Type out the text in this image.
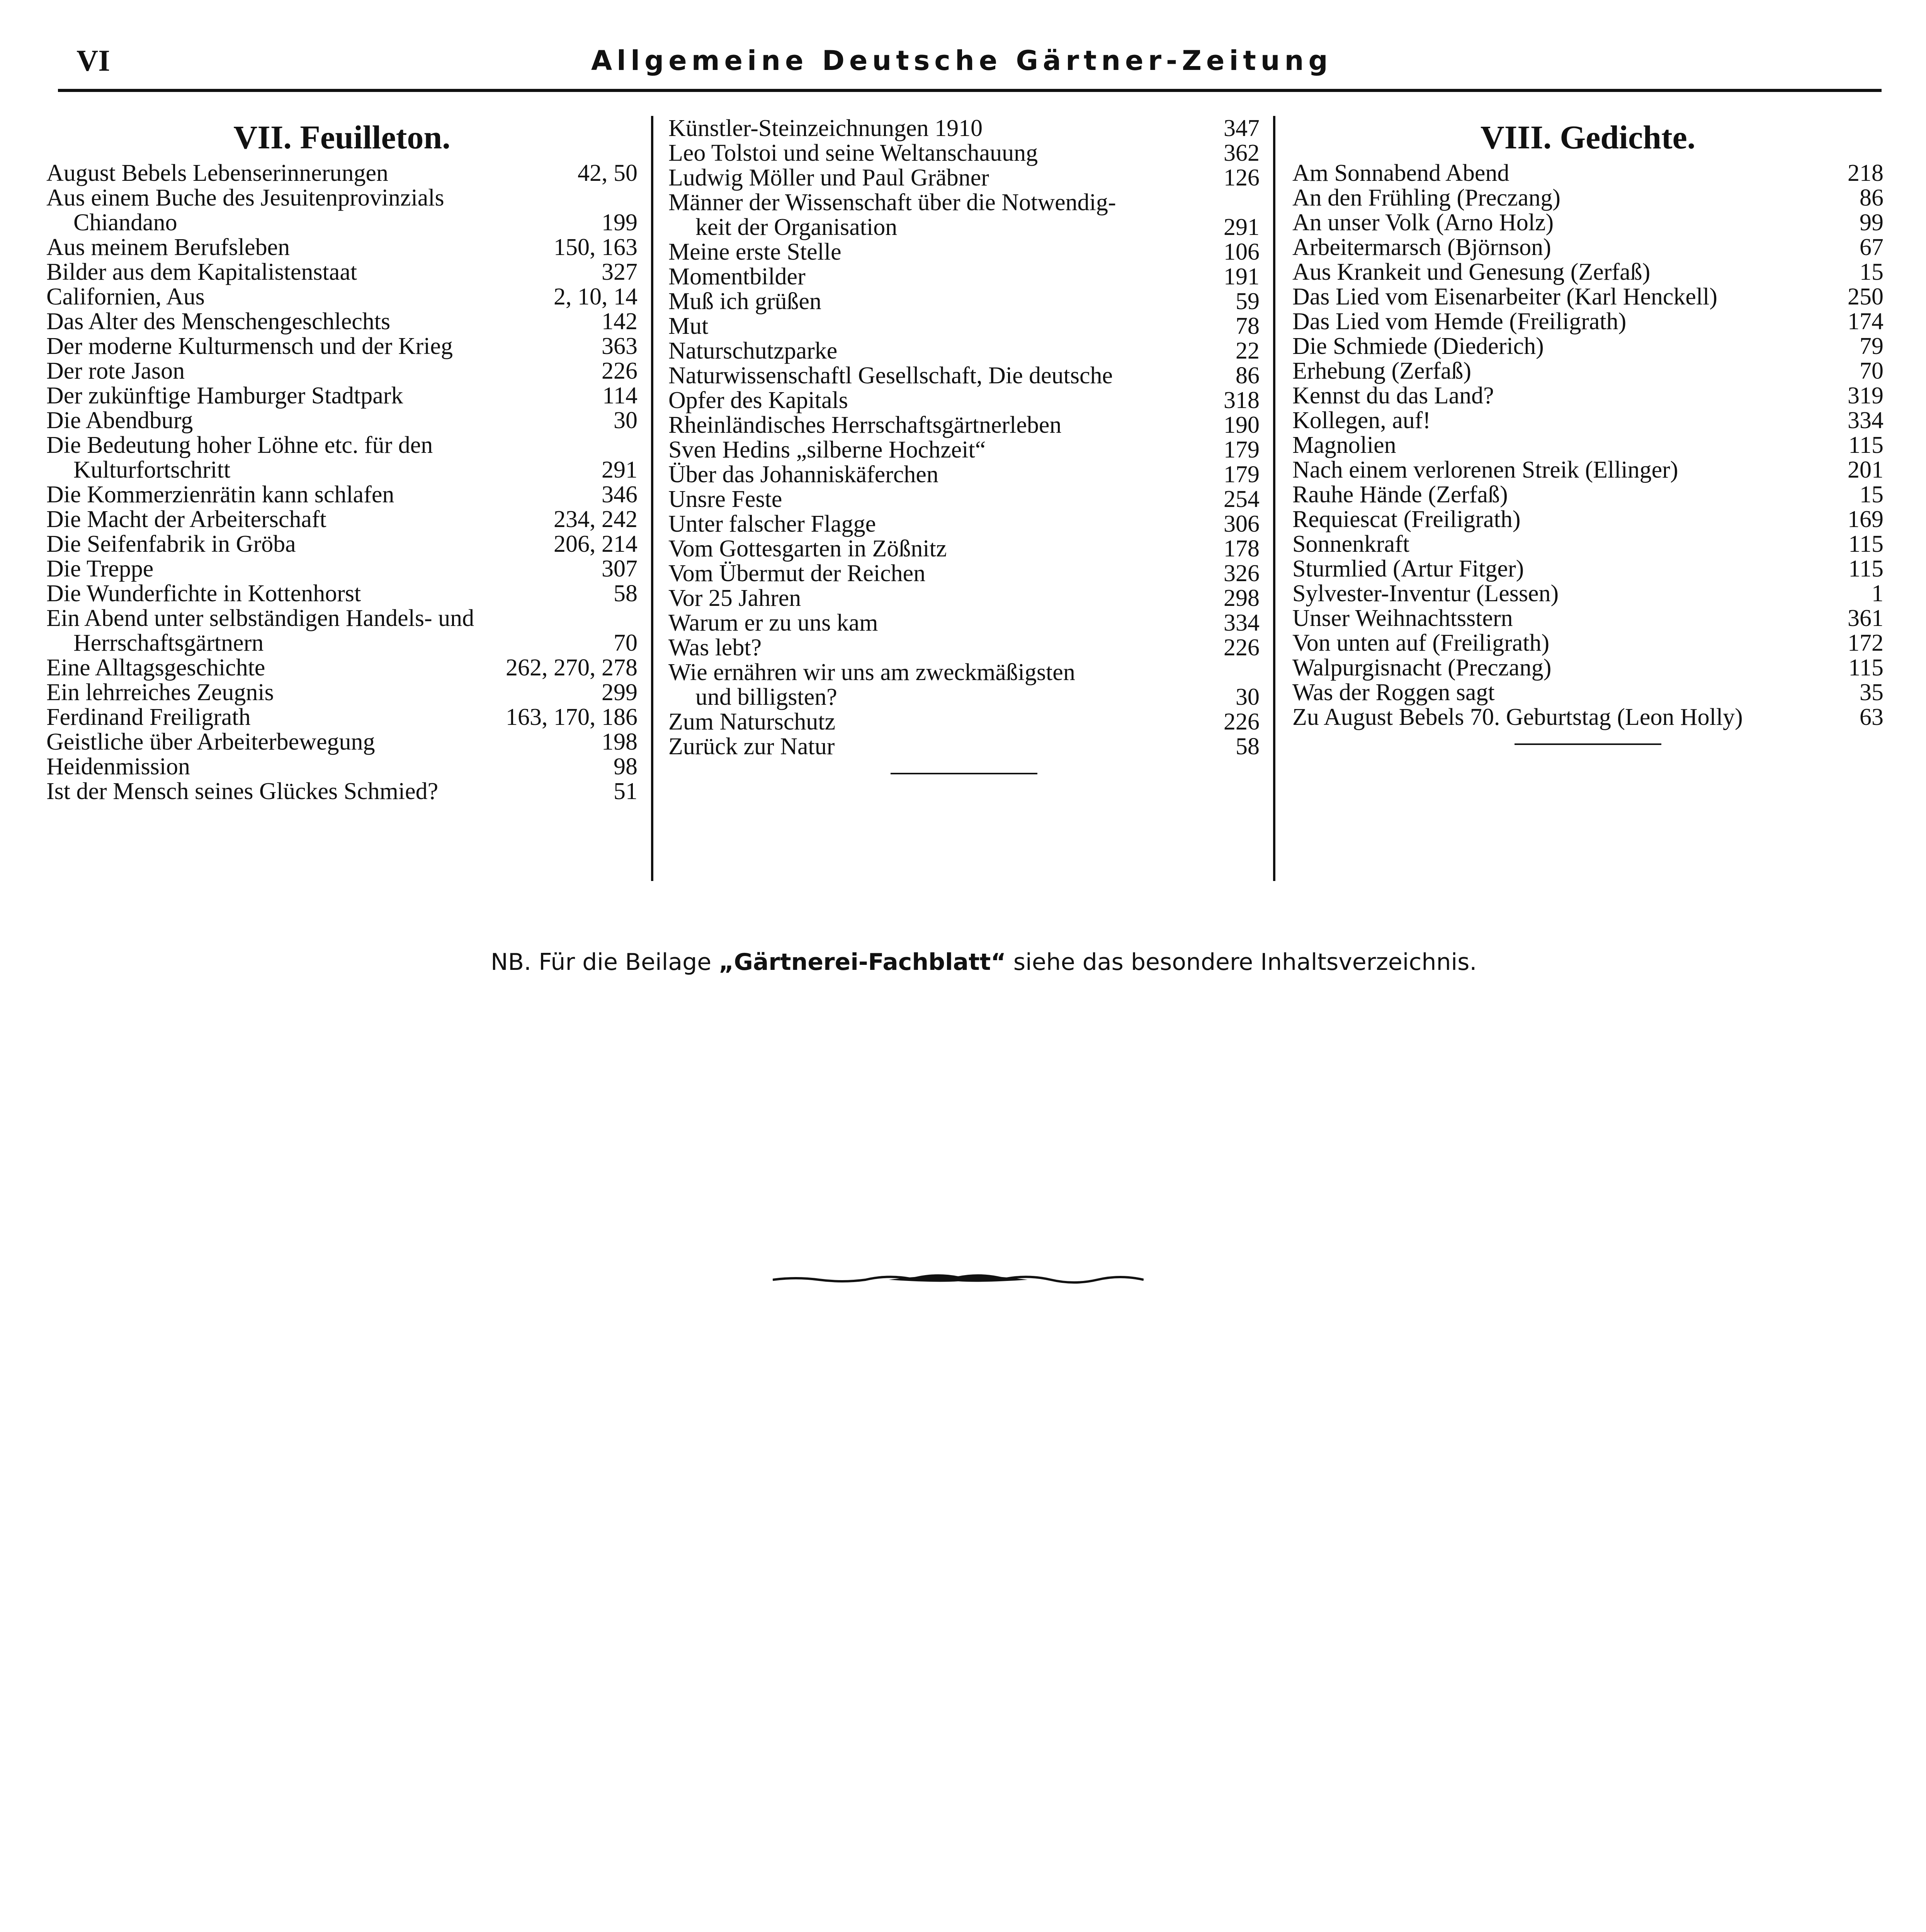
VI	Allgemeine Deutsche Gärtner-Zeitung
VII. Feuilleton.
August Bebels Lebenserinnerungen	42, 50
Aus einem Buche des Jesuitenprovinzials
Chiandano	199
Aus meinem Berufsleben	150, 163
Bilder aus dem Kapitalistenstaat	327
Californien, Aus	2, 10, 14
Das Alter des Menschengeschlechts	142
Der moderne Kulturmensch und der Krieg	363
Der rote Jason	226
Der zukünftige Hamburger Stadtpark	114
Die Abendburg	30
Die Bedeutung hoher Löhne etc. für den
Kulturfortschritt	291
Die Kommerzienrätin kann schlafen	346
Die Macht der Arbeiterschaft	234, 242
Die Seifenfabrik in Gröba	206, 214
Die Treppe	307
Die Wunderfichte in Kottenhorst	58
Ein Abend unter selbständigen Handels- und
Herrschaftsgärtnern	70
Eine Alltagsgeschichte	262, 270, 278
Ein lehrreiches Zeugnis	299
Ferdinand Freiligrath	163, 170, 186
Geistliche über Arbeiterbewegung	198
Heidenmission	98
Ist der Mensch seines Glückes Schmied?	51
Künstler-Steinzeichnungen 1910	347
Leo Tolstoi und seine Weltanschauung	362
Ludwig Möller und Paul Gräbner	126
Männer der Wissenschaft über die Notwendig-
keit der Organisation	291
Meine erste Stelle	106
Momentbilder	191
Muß ich grüßen	59
Mut	78
Naturschutzparke	22
Naturwissenschaftl Gesellschaft, Die deutsche	86
Opfer des Kapitals	318
Rheinländisches Herrschaftsgärtnerleben	190
Sven Hedins „silberne Hochzeit“	179
Über das Johanniskäferchen	179
Unsre Feste	254
Unter falscher Flagge	306
Vom Gottesgarten in Zößnitz	178
Vom Übermut der Reichen	326
Vor 25 Jahren	298
Warum er zu uns kam	334
Was lebt?	226
Wie ernähren wir uns am zweckmäßigsten
und billigsten?	30
Zum Naturschutz	226
Zurück zur Natur	58
VIII. Gedichte.
Am Sonnabend Abend	218
An den Frühling (Preczang)	86
An unser Volk (Arno Holz)	99
Arbeitermarsch (Björnson)	67
Aus Krankeit und Genesung (Zerfaß)	15
Das Lied vom Eisenarbeiter (Karl Henckell)	250
Das Lied vom Hemde (Freiligrath)	174
Die Schmiede (Diederich)	79
Erhebung (Zerfaß)	70
Kennst du das Land?	319
Kollegen, auf!	334
Magnolien	115
Nach einem verlorenen Streik (Ellinger)	201
Rauhe Hände (Zerfaß)	15
Requiescat (Freiligrath)	169
Sonnenkraft	115
Sturmlied (Artur Fitger)	115
Sylvester-Inventur (Lessen)	1
Unser Weihnachtsstern	361
Von unten auf (Freiligrath)	172
Walpurgisnacht (Preczang)	115
Was der Roggen sagt	35
Zu August Bebels 70. Geburtstag (Leon Holly)	63
NB. Für die Beilage „Gärtnerei-Fachblatt“ siehe das besondere Inhaltsverzeichnis.
